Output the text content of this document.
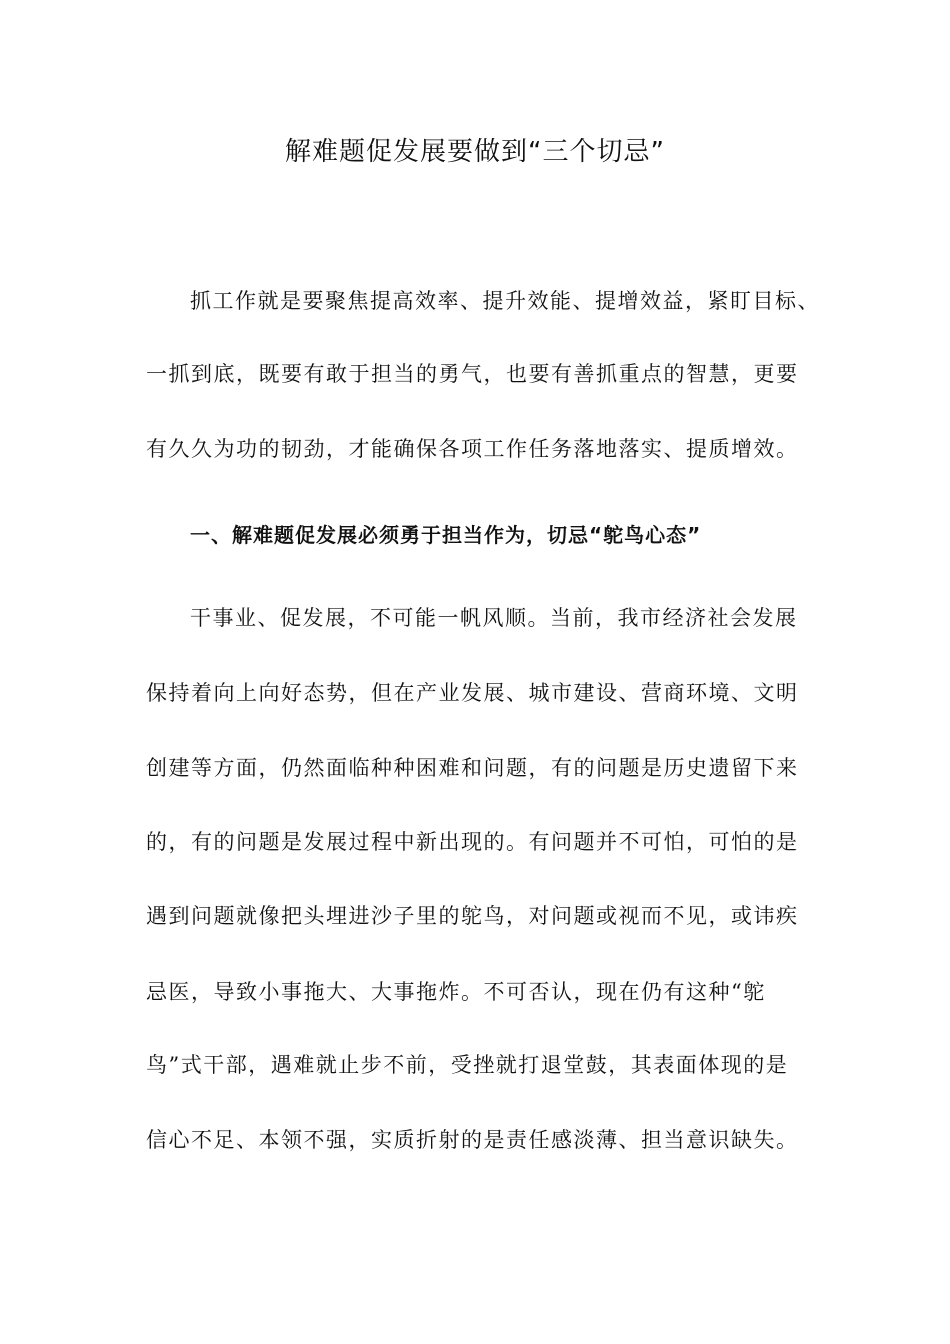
解难题促发展要做到“三个切忌”
抓工作就是要聚焦提高效率、提升效能、提增效益，紧盯目标、
一抓到底，既要有敢于担当的勇气，也要有善抓重点的智慧，更要
有久久为功的韧劲，才能确保各项工作任务落地落实、提质增效。
一、解难题促发展必须勇于担当作为，切忌“鸵鸟心态”
干事业、促发展，不可能一帆风顺。当前，我市经济社会发展
保持着向上向好态势，但在产业发展、城市建设、营商环境、文明
创建等方面，仍然面临种种困难和问题，有的问题是历史遗留下来
的，有的问题是发展过程中新出现的。有问题并不可怕，可怕的是
遇到问题就像把头埋进沙子里的鸵鸟，对问题或视而不见，或讳疾
忌医，导致小事拖大、大事拖炸。不可否认，现在仍有这种“鸵
鸟”式干部，遇难就止步不前，受挫就打退堂鼓，其表面体现的是
信心不足、本领不强，实质折射的是责任感淡薄、担当意识缺失。
